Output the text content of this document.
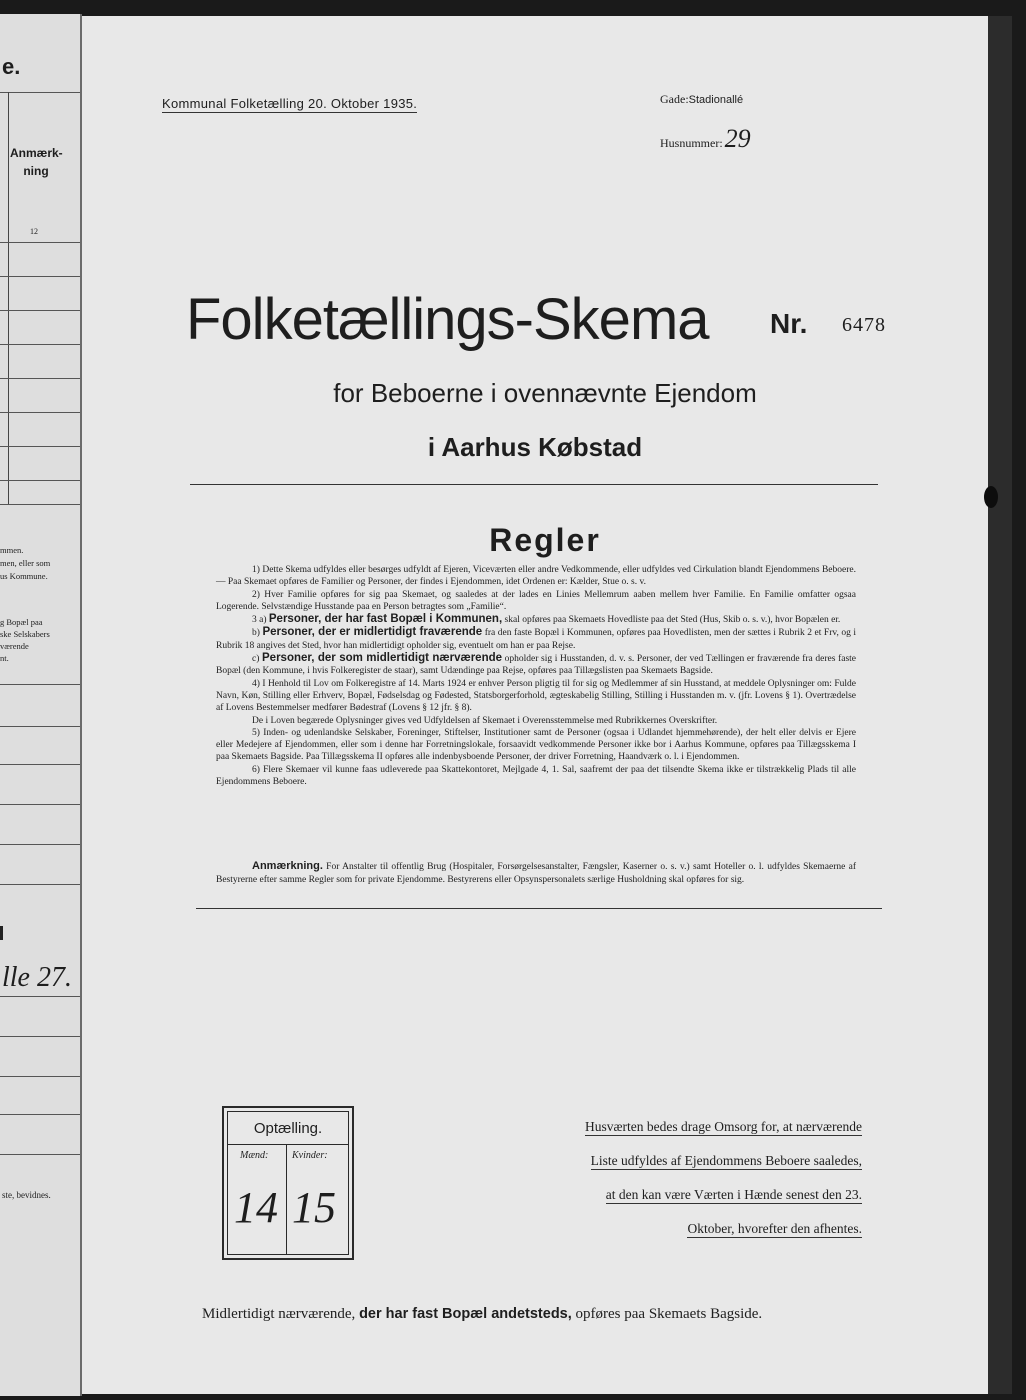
e.
Anmærk-ning
12
mmen.
men, eller som
us Kommune.
g Bopæl paa
ske Selskabers
værende
nt.
lle 27.
ste, bevidnes.
Kommunal Folketælling 20. Oktober 1935.	Gade:Stadionallé
Husnummer:29
Folketællings-Skema Nr. 6478
for Beboerne i ovennævnte Ejendom
i Aarhus Købstad
Regler

1) Dette Skema udfyldes eller besørges udfyldt af Ejeren, Viceværten eller andre Vedkommende, eller udfyldes ved Cirkulation blandt Ejendommens Beboere. — Paa Skemaet opføres de Familier og Personer, der findes i Ejendommen, idet Ordenen er: Kælder, Stue o. s. v.

2) Hver Familie opføres for sig paa Skemaet, og saaledes at der lades en Linies Mellemrum aaben mellem hver Familie. En Familie omfatter ogsaa Logerende. Selvstændige Husstande paa en Person betragtes som „Familie“.

3 a) Personer, der har fast Bopæl i Kommunen, skal opføres paa Skemaets Hovedliste paa det Sted (Hus, Skib o. s. v.), hvor Bopælen er.

b) Personer, der er midlertidigt fraværende fra den faste Bopæl i Kommunen, opføres paa Hovedlisten, men der sættes i Rubrik 2 et Frv, og i Rubrik 18 angives det Sted, hvor han midlertidigt opholder sig, eventuelt om han er paa Rejse.

c) Personer, der som midlertidigt nærværende opholder sig i Husstanden, d. v. s. Personer, der ved Tællingen er fraværende fra deres faste Bopæl (den Kommune, i hvis Folkeregister de staar), samt Udændinge paa Rejse, opføres paa Tillægslisten paa Skemaets Bagside.

4) I Henhold til Lov om Folkeregistre af 14. Marts 1924 er enhver Person pligtig til for sig og Medlemmer af sin Husstand, at meddele Oplysninger om: Fulde Navn, Køn, Stilling eller Erhverv, Bopæl, Fødselsdag og Fødested, Statsborgerforhold, ægteskabelig Stilling, Stilling i Husstanden m. v. (jfr. Lovens § 1). Overtrædelse af Lovens Bestemmelser medfører Bødestraf (Lovens § 12 jfr. § 8).

De i Loven begærede Oplysninger gives ved Udfyldelsen af Skemaet i Overensstemmelse med Rubrikkernes Overskrifter.

5) Inden- og udenlandske Selskaber, Foreninger, Stiftelser, Institutioner samt de Personer (ogsaa i Udlandet hjemmehørende), der helt eller delvis er Ejere eller Medejere af Ejendommen, eller som i denne har Forretningslokale, forsaavidt vedkommende Personer ikke bor i Aarhus Kommune, opføres paa Tillægsskema I paa Skemaets Bagside. Paa Tillægsskema II opføres alle indenbysboende Personer, der driver Forretning, Haandværk o. l. i Ejendommen.

6) Flere Skemaer vil kunne faas udleverede paa Skattekontoret, Mejlgade 4, 1. Sal, saafremt der paa det tilsendte Skema ikke er tilstrækkelig Plads til alle Ejendommens Beboere.

Anmærkning. For Anstalter til offentlig Brug (Hospitaler, Forsørgelsesanstalter, Fængsler, Kaserner o. s. v.) samt Hoteller o. l. udfyldes Skemaerne af Bestyrerne efter samme Regler som for private Ejendomme. Bestyrerens eller Opsynspersonalets særlige Husholdning skal opføres for sig.
Optælling.
Mænd: Kvinder:
14 15
Husværten bedes drage Omsorg for, at nærværende
Liste udfyldes af Ejendommens Beboere saaledes,
at den kan være Værten i Hænde senest den 23.
Oktober, hvorefter den afhentes.
Midlertidigt nærværende, der har fast Bopæl andetsteds, opføres paa Skemaets Bagside.
